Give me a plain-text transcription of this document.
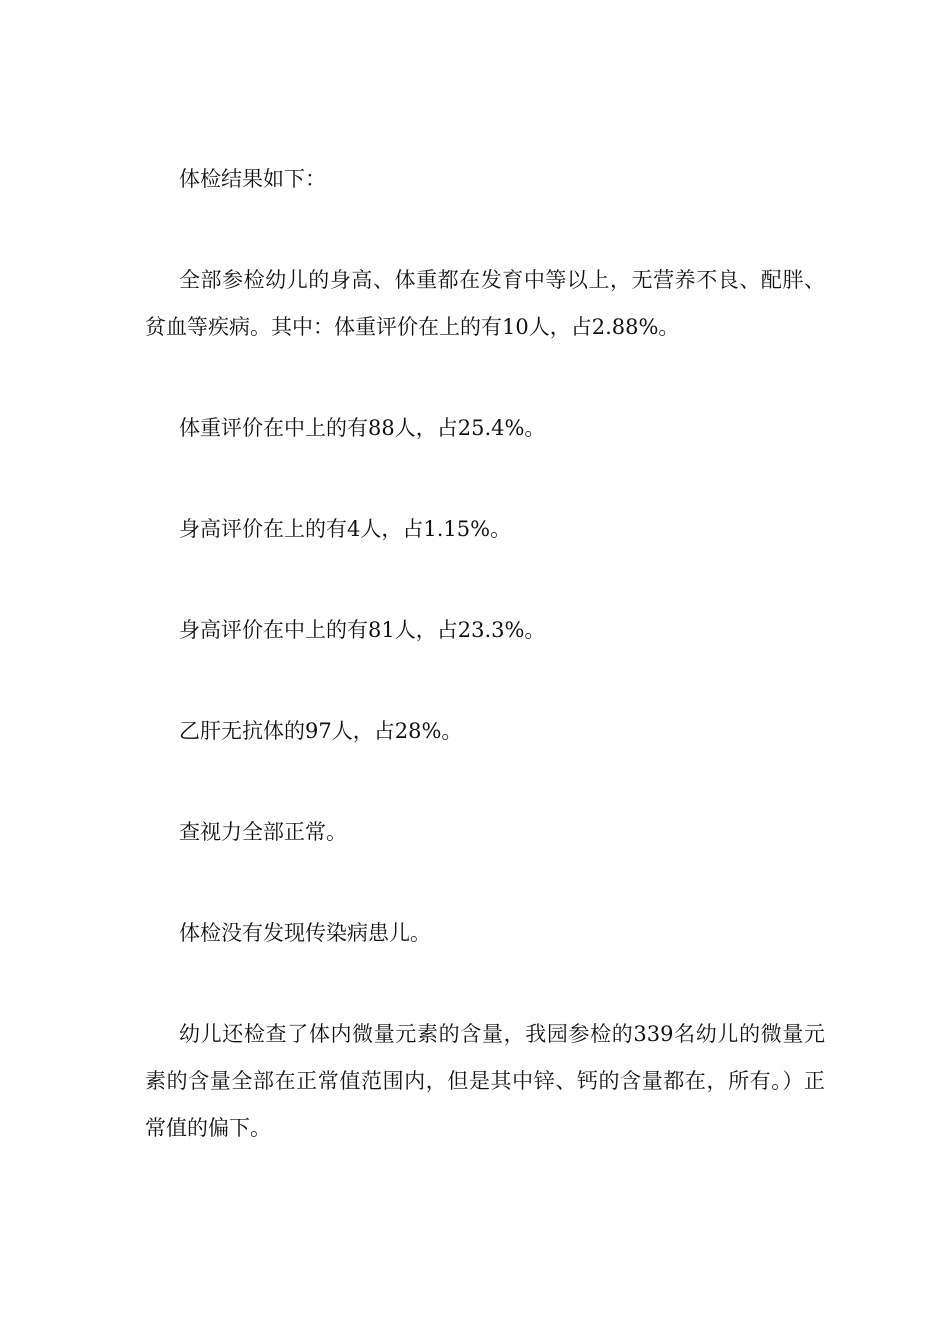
体检结果如下：

全部参检幼儿的身高、体重都在发育中等以上，无营养不良、配胖、贫血等疾病。其中：体重评价在上的有10人，占2.88%。

体重评价在中上的有88人，占25.4%。

身高评价在上的有4人，占1.15%。

身高评价在中上的有81人，占23.3%。

乙肝无抗体的97人，占28%。

查视力全部正常。

体检没有发现传染病患儿。

幼儿还检查了体内微量元素的含量，我园参检的339名幼儿的微量元素的含量全部在正常值范围内，但是其中锌、钙的含量都在，所有。）正常值的偏下。
